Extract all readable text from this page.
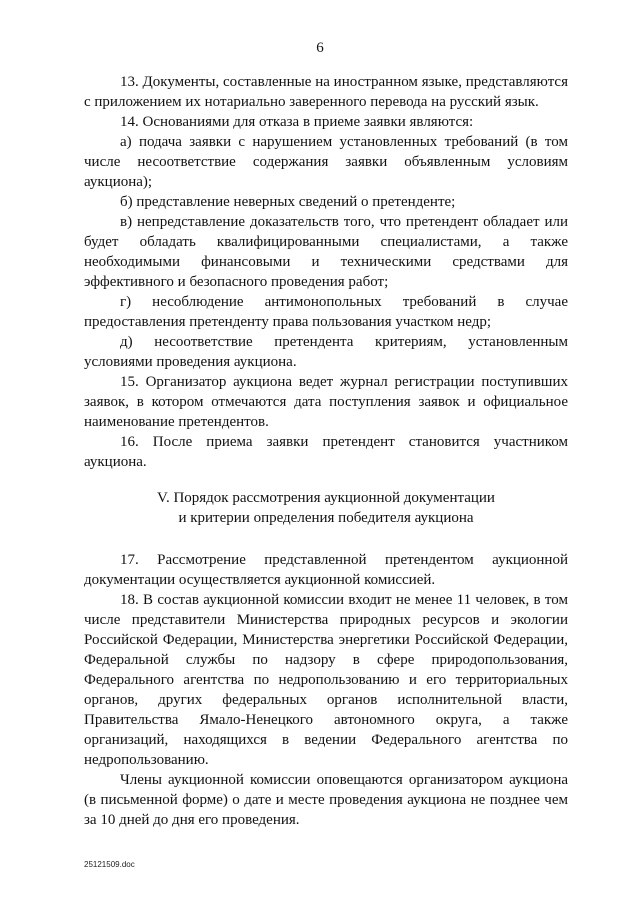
6

13. Документы, составленные на иностранном языке, представляются с приложением их нотариально заверенного перевода на русский язык.

14. Основаниями для отказа в приеме заявки являются:

а) подача заявки с нарушением установленных требований (в том числе несоответствие содержания заявки объявленным условиям аукциона);

б) представление неверных сведений о претенденте;

в) непредставление доказательств того, что претендент обладает или будет обладать квалифицированными специалистами, а также необходимыми финансовыми и техническими средствами для эффективного и безопасного проведения работ;

г) несоблюдение антимонопольных требований в случае предоставления претенденту права пользования участком недр;

д) несоответствие претендента критериям, установленным условиями проведения аукциона.

15. Организатор аукциона ведет журнал регистрации поступивших заявок, в котором отмечаются дата поступления заявок и официальное наименование претендентов.

16. После приема заявки претендент становится участником аукциона.

V. Порядок рассмотрения аукционной документации
и критерии определения победителя аукциона

17. Рассмотрение представленной претендентом аукционной документации осуществляется аукционной комиссией.

18. В состав аукционной комиссии входит не менее 11 человек, в том числе представители Министерства природных ресурсов и экологии Российской Федерации, Министерства энергетики Российской Федерации, Федеральной службы по надзору в сфере природопользования, Федерального агентства по недропользованию и его территориальных органов, других федеральных органов исполнительной власти, Правительства Ямало-Ненецкого автономного округа, а также организаций, находящихся в ведении Федерального агентства по недропользованию.

Члены аукционной комиссии оповещаются организатором аукциона (в письменной форме) о дате и месте проведения аукциона не позднее чем за 10 дней до дня его проведения.

25121509.doc
